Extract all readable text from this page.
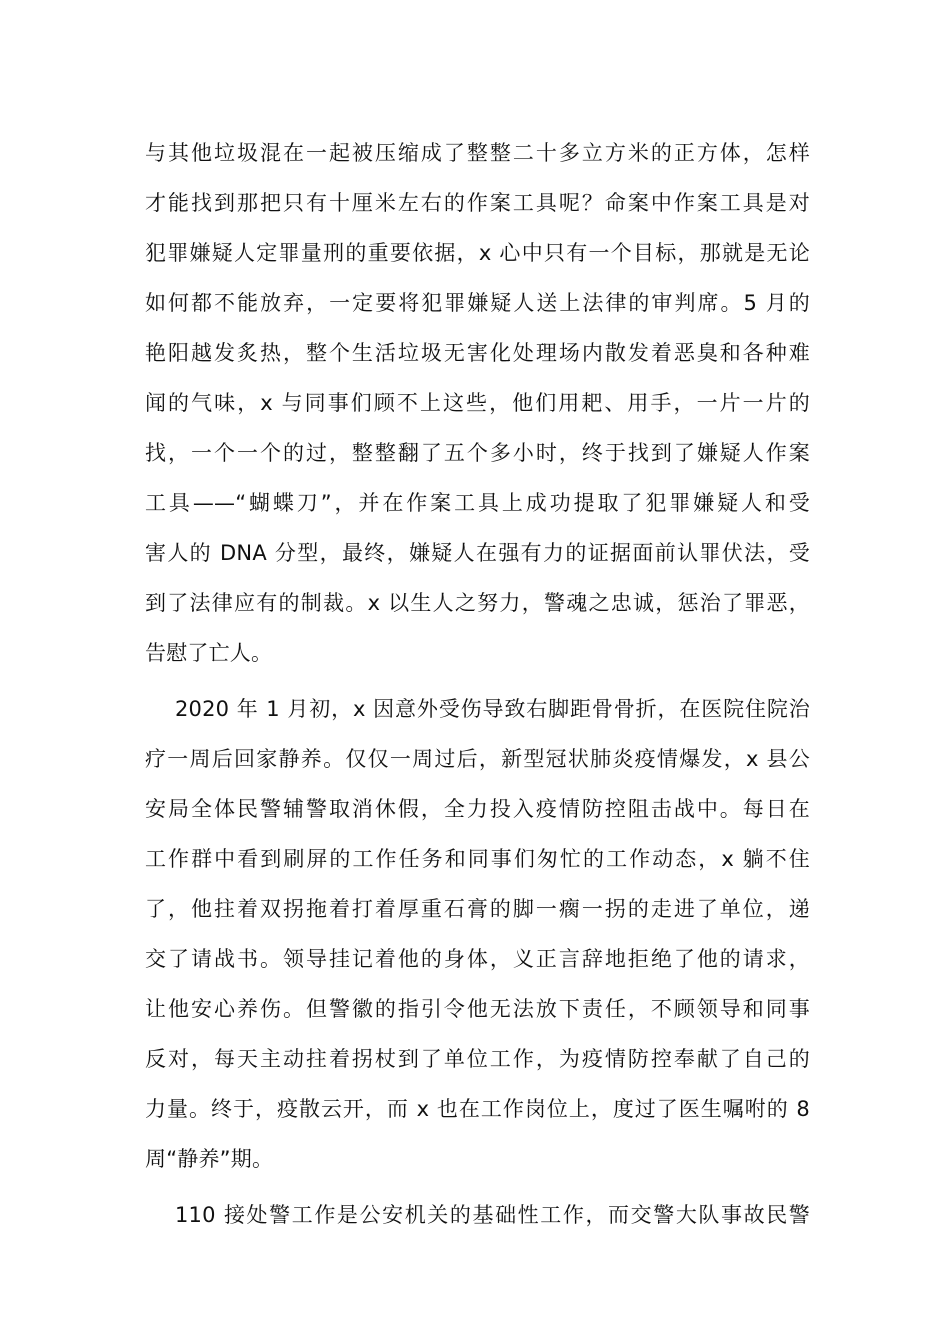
与其他垃圾混在一起被压缩成了整整二十多立方米的正方体，怎样
才能找到那把只有十厘米左右的作案工具呢？命案中作案工具是对
犯罪嫌疑人定罪量刑的重要依据，x 心中只有一个目标，那就是无论
如何都不能放弃，一定要将犯罪嫌疑人送上法律的审判席。5 月的
艳阳越发炙热，整个生活垃圾无害化处理场内散发着恶臭和各种难
闻的气味，x 与同事们顾不上这些，他们用耙、用手，一片一片的
找，一个一个的过，整整翻了五个多小时，终于找到了嫌疑人作案
工具——“蝴蝶刀”，并在作案工具上成功提取了犯罪嫌疑人和受
害人的 DNA 分型，最终，嫌疑人在强有力的证据面前认罪伏法，受
到了法律应有的制裁。x 以生人之努力，警魂之忠诚，惩治了罪恶，
告慰了亡人。
2020 年 1 月初，x 因意外受伤导致右脚距骨骨折，在医院住院治
疗一周后回家静养。仅仅一周过后，新型冠状肺炎疫情爆发，x 县公
安局全体民警辅警取消休假，全力投入疫情防控阻击战中。每日在
工作群中看到刷屏的工作任务和同事们匆忙的工作动态，x 躺不住
了，他拄着双拐拖着打着厚重石膏的脚一瘸一拐的走进了单位，递
交了请战书。领导挂记着他的身体，义正言辞地拒绝了他的请求，
让他安心养伤。但警徽的指引令他无法放下责任，不顾领导和同事
反对，每天主动拄着拐杖到了单位工作，为疫情防控奉献了自己的
力量。终于，疫散云开，而 x 也在工作岗位上，度过了医生嘱咐的 8
周“静养”期。
110 接处警工作是公安机关的基础性工作，而交警大队事故民警
